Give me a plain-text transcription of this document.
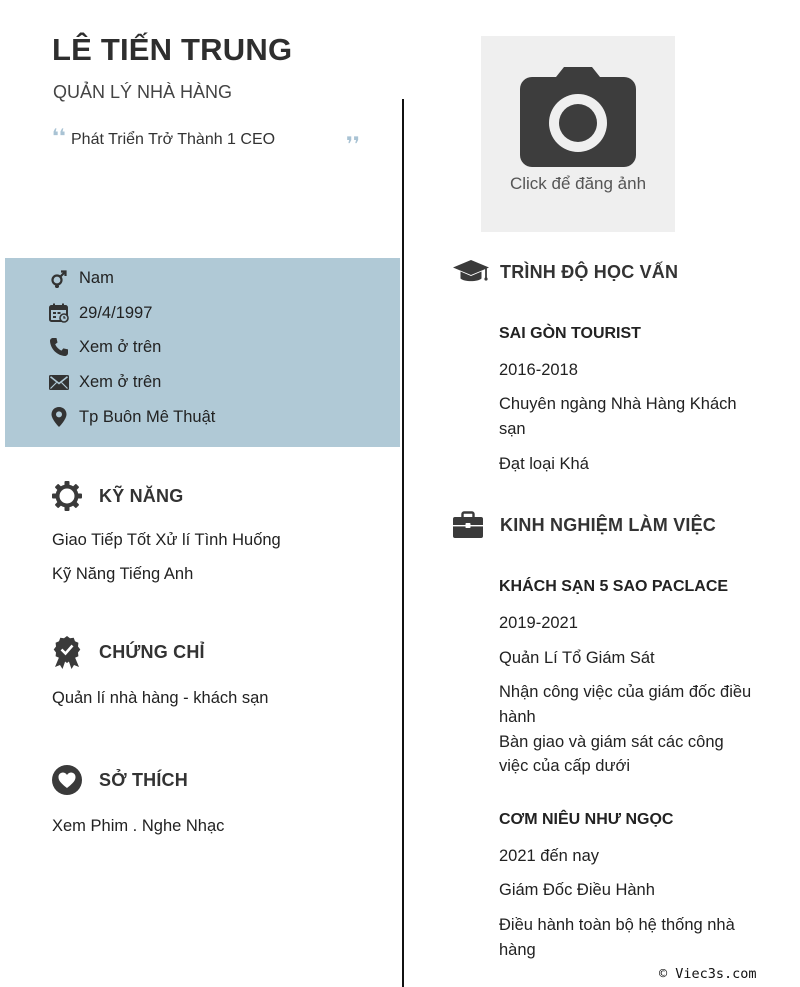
LÊ TIẾN TRUNG
QUẢN LÝ NHÀ HÀNG
❛❛ Phát Triển Trở Thành 1 CEO	❜❜
Click để đăng ảnh
Nam
29/4/1997
Xem ở trên
Xem ở trên
Tp Buôn Mê Thuật
KỸ NĂNG
Giao Tiếp Tốt Xử lí Tình Huống
Kỹ Năng Tiếng Anh
CHỨNG CHỈ
Quản lí nhà hàng - khách sạn
SỞ THÍCH
Xem Phim . Nghe Nhạc
TRÌNH ĐỘ HỌC VẤN
SAI GÒN TOURIST
2016-2018
Chuyên ngàng Nhà Hàng Khách
sạn
Đạt loại Khá
KINH NGHIỆM LÀM VIỆC
KHÁCH SẠN 5 SAO PACLACE
2019-2021
Quản Lí Tổ Giám Sát
Nhận công việc của giám đốc điều
hành
Bàn giao và giám sát các công
việc của cấp dưới
CƠM NIÊU NHƯ NGỌC
2021 đến nay
Giám Đốc Điều Hành
Điều hành toàn bộ hệ thống nhà
hàng
© Viec3s.com
